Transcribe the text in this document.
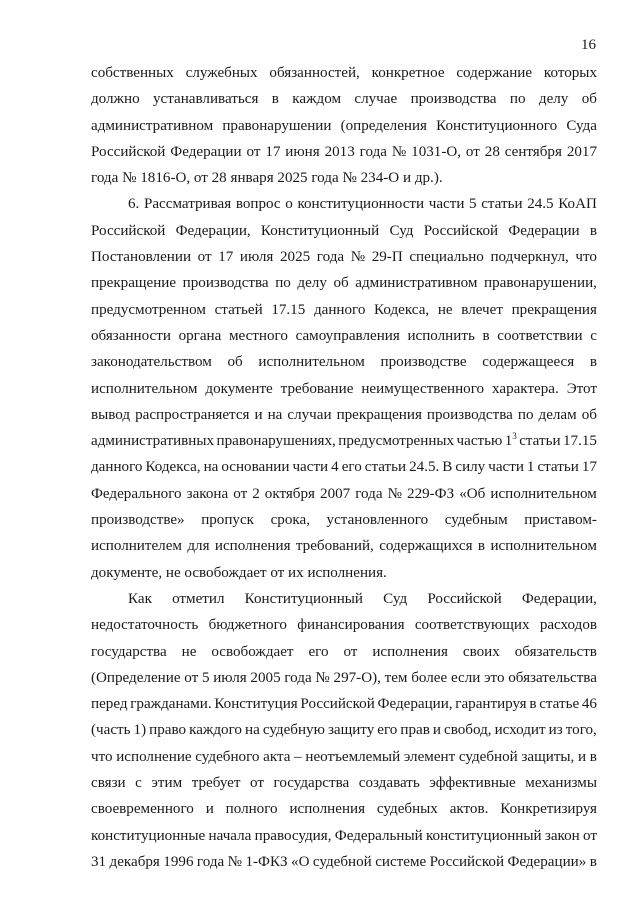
16
собственных служебных обязанностей, конкретное содержание которых
должно устанавливаться в каждом случае производства по делу об
административном правонарушении (определения Конституционного Суда
Российской Федерации от 17 июня 2013 года № 1031-О, от 28 сентября 2017
года № 1816-О, от 28 января 2025 года № 234-О и др.).
6. Рассматривая вопрос о конституционности части 5 статьи 24.5 КоАП
Российской Федерации, Конституционный Суд Российской Федерации в
Постановлении от 17 июля 2025 года № 29-П специально подчеркнул, что
прекращение производства по делу об административном правонарушении,
предусмотренном статьей 17.15 данного Кодекса, не влечет прекращения
обязанности органа местного самоуправления исполнить в соответствии с
законодательством об исполнительном производстве содержащееся в
исполнительном документе требование неимущественного характера. Этот
вывод распространяется и на случаи прекращения производства по делам об
административных правонарушениях, предусмотренных частью $1^3$ статьи 17.15
данного Кодекса, на основании части 4 его статьи 24.5. В силу части 1 статьи 17
Федерального закона от 2 октября 2007 года № 229-ФЗ «Об исполнительном
производстве» пропуск срока, установленного судебным приставом-
исполнителем для исполнения требований, содержащихся в исполнительном
документе, не освобождает от их исполнения.
Как отметил Конституционный Суд Российской Федерации,
недостаточность бюджетного финансирования соответствующих расходов
государства не освобождает его от исполнения своих обязательств
(Определение от 5 июля 2005 года № 297-О), тем более если это обязательства
перед гражданами. Конституция Российской Федерации, гарантируя в статье 46
(часть 1) право каждого на судебную защиту его прав и свобод, исходит из того,
что исполнение судебного акта – неотъемлемый элемент судебной защиты, и в
связи с этим требует от государства создавать эффективные механизмы
своевременного и полного исполнения судебных актов. Конкретизируя
конституционные начала правосудия, Федеральный конституционный закон от
31 декабря 1996 года № 1-ФКЗ «О судебной системе Российской Федерации» в
